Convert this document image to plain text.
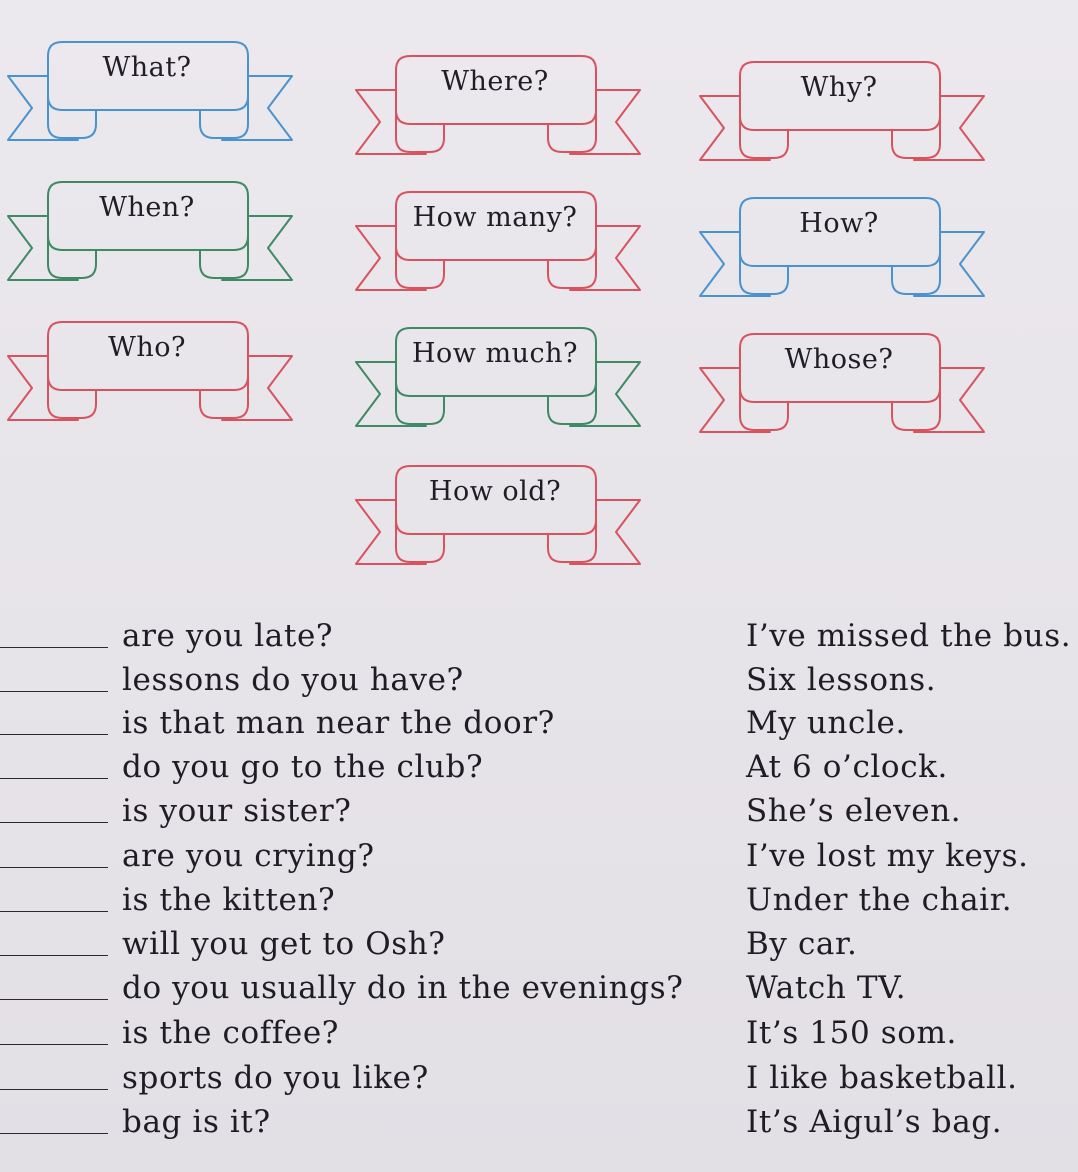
What?	Where?	Why?
When?	How many?	How?
Who?	How much?	Whose?
How old?
are you late?	I’ve missed the bus.
lessons do you have?	Six lessons.
is that man near the door?	My uncle.
do you go to the club?	At 6 o’clock.
is your sister?	She’s eleven.
are you crying?	I’ve lost my keys.
is the kitten?	Under the chair.
will you get to Osh?	By car.
do you usually do in the evenings? Watch TV.
is the coffee?	It’s 150 som.
sports do you like?	I like basketball.
bag is it?	It’s Aigul’s bag.
